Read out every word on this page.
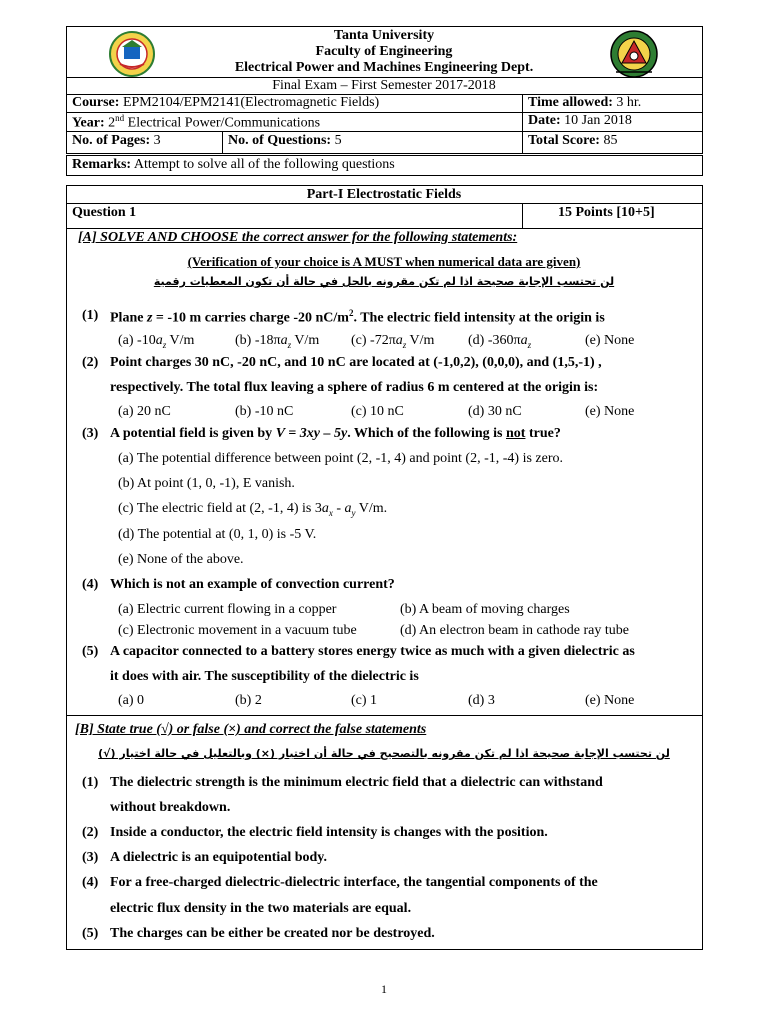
Tanta University
Faculty of Engineering
Electrical Power and Machines Engineering Dept.
Final Exam – First Semester 2017-2018
Course: EPM2104/EPM2141(Electromagnetic Fields)	Time allowed: 3 hr.
Year: 2nd Electrical Power/Communications	Date: 10 Jan 2018
No. of Pages: 3	No. of Questions: 5	Total Score: 85
Remarks: Attempt to solve all of the following questions
Part-I Electrostatic Fields
Question 1	15 Points [10+5]
[A] SOLVE AND CHOOSE the correct answer for the following statements:
(Verification of your choice is A MUST when numerical data are given)
لن تحتسب الإجابة صحيحة اذا لم تكن مقرونه بالحل في حالة أن تكون المعطيات رقمية
(1) Plane z = -10 m carries charge -20 $nC/m^2$. The electric field intensity at the origin is
(a) $-10a_z$ V/m	(b) $-18\pi a_z$ V/m (c) $-72\pi a_z$ V/m (d) $-360\pi a_z$	(e) None
(2) Point charges 30 nC, -20 nC, and 10 nC are located at (-1,0,2), (0,0,0), and (1,5,-1) ,
respectively. The total flux leaving a sphere of radius 6 m centered at the origin is:
(a) 20 nC	(b) -10 nC	(c) 10 nC	(d) 30 nC	(e) None
(3) A potential field is given by V = 3xy – 5y. Which of the following is not true?
(a) The potential difference between point (2, -1, 4) and point (2, -1, -4) is zero.
(b) At point (1, 0, -1), E vanish.
(c) The electric field at (2, -1, 4) is $3a_x - a_y$ V/m.
(d) The potential at (0, 1, 0) is -5 V.
(e) None of the above.
(4) Which is not an example of convection current?
(a) Electric current flowing in a copper	(b) A beam of moving charges
(c) Electronic movement in a vacuum tube	(d) An electron beam in cathode ray tube
(5) A capacitor connected to a battery stores energy twice as much with a given dielectric as
it does with air. The susceptibility of the dielectric is
(a) 0	(b) 2	(c) 1	(d) 3	(e) None
[B] State true (√) or false (×) and correct the false statements
لن تحتسب الإجابة صحيحة اذا لم تكن مقرونه بالتصحيح في حالة أن اختيار (×) وبالتعليل في حالة اختيار (√)
(1) The dielectric strength is the minimum electric field that a dielectric can withstand
without breakdown.
(2) Inside a conductor, the electric field intensity is changes with the position.
(3) A dielectric is an equipotential body.
(4) For a free-charged dielectric-dielectric interface, the tangential components of the
electric flux density in the two materials are equal.
(5) The charges can be either be created nor be destroyed.
1
